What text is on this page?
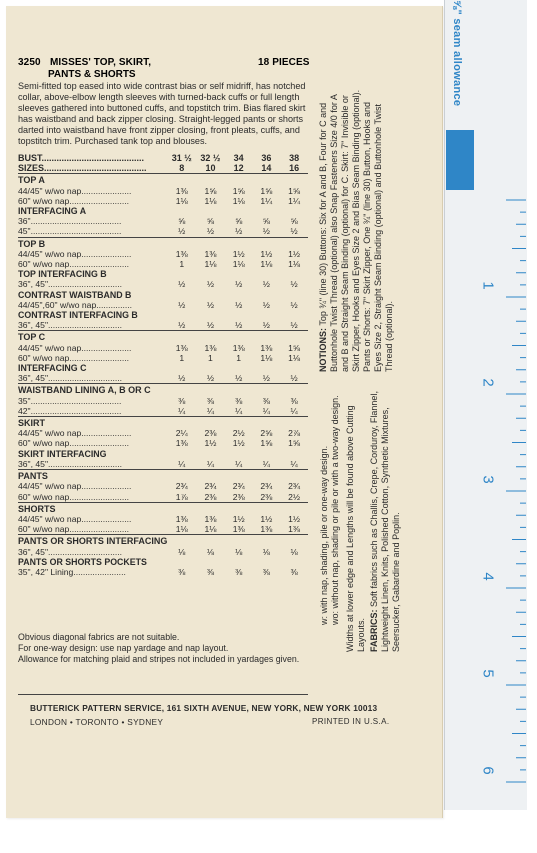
3250 MISSES' TOP, SKIRT,	18 PIECES
PANTS & SHORTS
Semi-fitted top eased into wide contrast bias or self midriff, has notched collar, above-elbow length sleeves with turned-back cuffs or full length sleeves gathered into buttoned cuffs, and topstitch trim. Bias flared skirt has waistband and back zipper closing. Straight-legged pants or shorts darted into waistband have front zipper closing, front pleats, cuffs, and topstitch trim. Purchased tank top and blouses.
BUST.........................................	31 ½	32 ½	34	36	38
SIZES.........................................	8	10	12	14	16
TOP A					
44/45" w/wo nap.....................	1⅜	1⅝	1⅝	1⅝	1⅝
60" w/wo nap.........................	1⅛	1⅛	1⅛	1¼	1¼
INTERFACING A					
36"......................................	⅝	⅝	⅝	⅝	⅝
45"......................................	½	½	½	½	½
TOP B					
44/45" w/wo nap.....................	1⅜	1⅜	1½	1½	1½
60" w/wo nap.........................	1	1⅛	1⅛	1⅛	1⅛
TOP INTERFACING B					
36", 45"...............................	½	½	½	½	½
CONTRAST WAISTBAND B					
44/45",60" w/wo nap...............	½	½	½	½	½
CONTRAST INTERFACING B					
36", 45"...............................	½	½	½	½	½
TOP C					
44/45" w/wo nap.....................	1⅜	1⅜	1⅜	1⅜	1⅝
60" w/wo nap.........................	1	1	1	1⅛	1⅛
INTERFACING C					
36", 45"...............................	½	½	½	½	½
WAISTBAND LINING A, B OR C					
35"......................................	⅜	⅜	⅜	⅜	⅜
42"......................................	¼	¼	¼	¼	¼
SKIRT					
44/45" w/wo nap.....................	2¼	2⅜	2½	2⅝	2⅞
60" w/wo nap.........................	1⅜	1½	1½	1⅝	1⅝
SKIRT INTERFACING					
36", 45"...............................	¼	¼	¼	¼	¼
PANTS					
44/45" w/wo nap.....................	2¾	2¾	2¾	2¾	2¾
60" w/wo nap.........................	1⅞	2⅜	2⅜	2⅜	2½
SHORTS					
44/45" w/wo nap.....................	1⅜	1⅜	1½	1½	1½
60" w/wo nap.........................	1⅛	1⅛	1⅜	1⅜	1⅜
PANTS OR SHORTS INTERFACING					
36", 45"...............................	⅛	⅛	⅛	⅛	⅛
PANTS OR SHORTS POCKETS					
35", 42" Lining......................	⅜	⅜	⅜	⅜	⅜
Obvious diagonal fabrics are not suitable.
For one-way design: use nap yardage and nap layout.
Allowance for matching plaid and stripes not included in yardages given.
BUTTERICK PATTERN SERVICE, 161 SIXTH AVENUE, NEW YORK, NEW YORK 10013
LONDON • TORONTO • SYDNEY	PRINTED IN U.S.A.
NOTIONS: Top ¾" (line 30) Buttons: Six for A and B, Four for C and Buttonhole Twist Thread (optional) also Snap Fasteners Size 4/0 for A and B and Straight Seam Binding (optional) for C. Skirt: 7" Invisible or Skirt Zipper, Hooks and Eyes Size 2 and Bias Seam Binding (optional). Pants or Shorts: 7" Skirt Zipper, One ¾" (line 30) Button, Hooks and Eyes Size 2, Straight Seam Binding (optional) and Buttonhole Twist Thread (optional).
w: with nap, shading, pile or one-way design. wo: without nap, shading or pile or with a two-way design. Widths at lower edge and Lengths will be found above Cutting Layouts. FABRICS: Soft fabrics such as Challis, Crepe, Corduroy, Flannel, Lightweight Linen, Knits, Polished Cotton, Synthetic Mixtures, Seersucker, Gabardine and Poplin.
⅝" seam allowance
1
2
3
4
5
6
